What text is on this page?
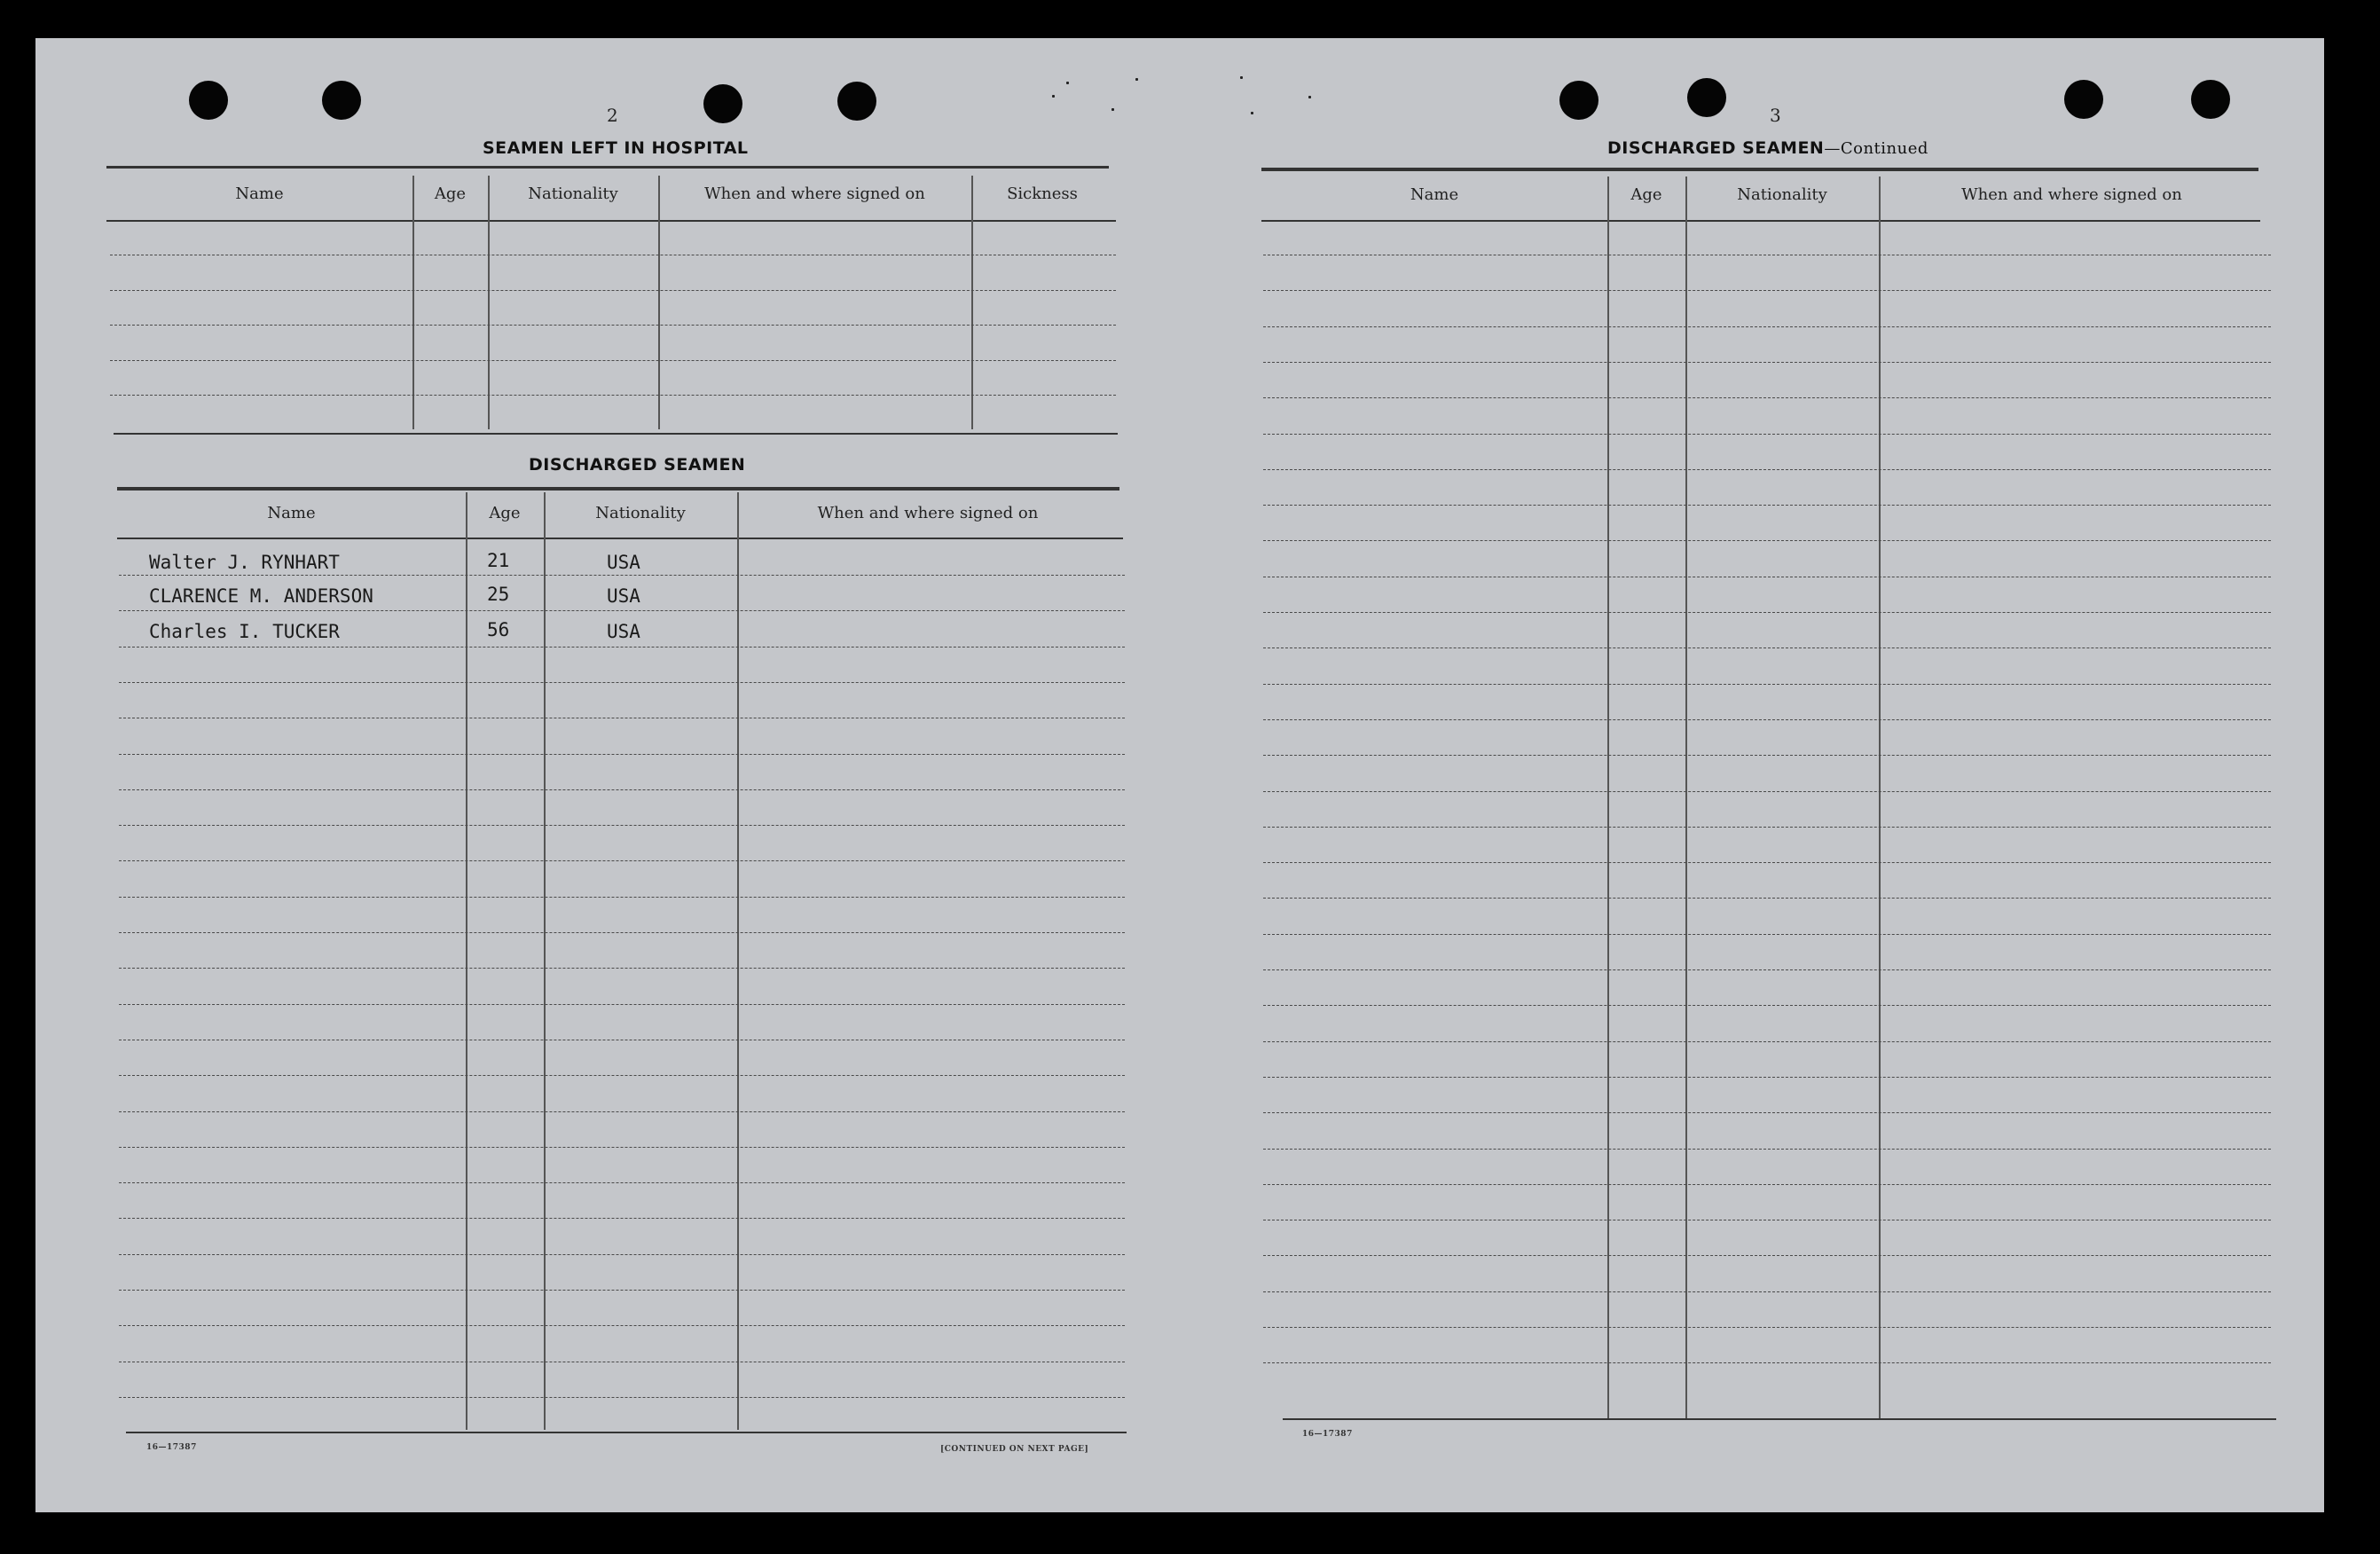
2
SEAMEN LEFT IN HOSPITAL
Name	Age	Nationality	When and where signed on	Sickness
DISCHARGED SEAMEN
Name	Age	Nationality	When and where signed on
Walter J. RYNHART	21	USA
CLARENCE M. ANDERSON	25	USA
Charles I. TUCKER	56	USA
16—17387	[CONTINUED ON NEXT PAGE]
3
DISCHARGED SEAMEN—Continued
Name	Age	Nationality	When and where signed on
16—17387
